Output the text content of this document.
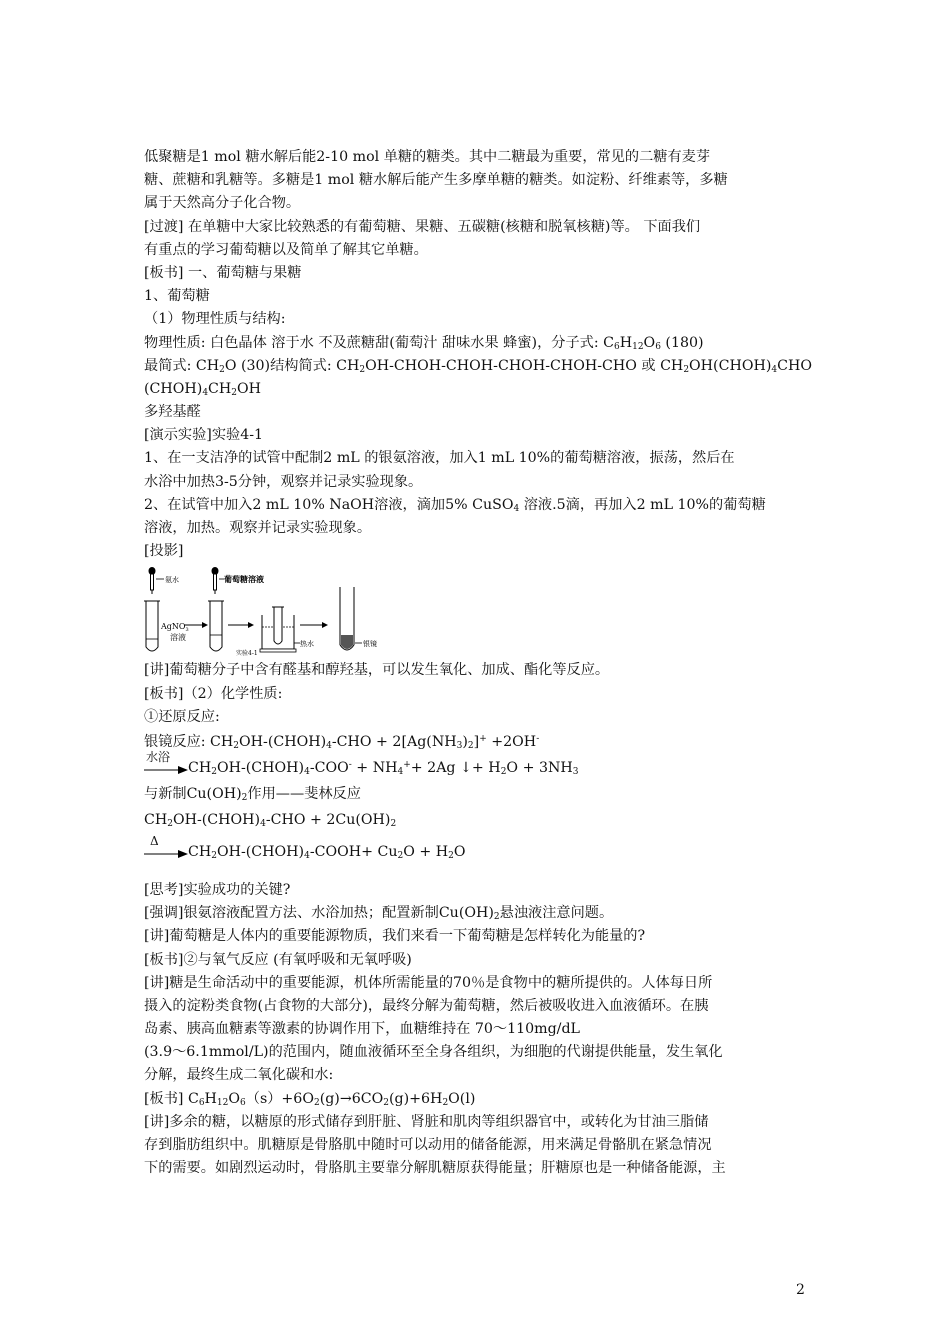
低聚糖是1 mol 糖水解后能2-10 mol 单糖的糖类。其中二糖最为重要，常见的二糖有麦芽
糖、蔗糖和乳糖等。多糖是1 mol 糖水解后能产生多摩单糖的糖类。如淀粉、纤维素等，多糖
属于天然高分子化合物。
[过渡] 在单糖中大家比较熟悉的有葡萄糖、果糖、五碳糖(核糖和脱氧核糖)等。 下面我们
有重点的学习葡萄糖以及简单了解其它单糖。
[板书] 一、葡萄糖与果糖
1、葡萄糖
（1）物理性质与结构:
物理性质: 白色晶体 溶于水 不及蔗糖甜(葡萄汁 甜味水果 蜂蜜)，分子式: $C_6H_{12}O_6$ (180)
最简式: $CH_2O$ (30)结构简式: $CH_2OH-CHOH-CHOH-CHOH-CHOH$-CHO 或 $CH_2OH(CHOH)_4CHO$
$(CHOH)_4CH_2OH$
多羟基醛
[演示实验]实验4-1
1、在一支洁净的试管中配制2 mL 的银氨溶液，加入1 mL 10%的葡萄糖溶液，振荡，然后在
水浴中加热3-5分钟，观察并记录实验现象。
2、在试管中加入2 mL 10% NaOH溶液，滴加5% CuSO$_4$ 溶液.5滴，再加入2 mL 10%的葡萄糖
溶液，加热。观察并记录实验现象。
[投影]
氨水
AgNO$_3$
溶液
葡萄糖溶液
热水
实验4-1
银镜
[讲]葡萄糖分子中含有醛基和醇羟基，可以发生氧化、加成、酯化等反应。
[板书]（2）化学性质:
①还原反应:
银镜反应: $CH_2OH-(CHOH)_4$-CHO + $2[Ag(NH_3)_2]^+ +2OH^-$
水浴
$CH_2OH-(CHOH)_4-COO^- + NH_4^++ 2Ag$ ↓+ $H_2O + 3NH_3$
与新制$Cu(OH)_2$作用——斐林反应
$CH_2OH-(CHOH)_4$-CHO + $2Cu(OH)_2$
Δ
$CH_2OH-(CHOH)_4-COOH+ Cu_2O + H_2O$
[思考]实验成功的关键?
[强调]银氨溶液配置方法、水浴加热；配置新制$Cu(OH)_2$悬浊液注意问题。
[讲]葡萄糖是人体内的重要能源物质，我们来看一下葡萄糖是怎样转化为能量的?
[板书]②与氧气反应 (有氧呼吸和无氧呼吸)
[讲]糖是生命活动中的重要能源，机体所需能量的70％是食物中的糖所提供的。人体每日所
摄入的淀粉类食物(占食物的大部分)，最终分解为葡萄糖，然后被吸收进入血液循环。在胰
岛素、胰高血糖素等激素的协调作用下，血糖维持在 70～110mg/dL
(3.9～6.1mmol/L)的范围内，随血液循环至全身各组织，为细胞的代谢提供能量，发生氧化
分解，最终生成二氧化碳和水:
[板书] $C_6H_{12}O_6(s)+6O_2(g)\to 6CO_2(g)+6H_2O(l)$
[讲]多余的糖，以糖原的形式储存到肝脏、肾脏和肌肉等组织器官中，或转化为甘油三脂储
存到脂肪组织中。肌糖原是骨胳肌中随时可以动用的储备能源，用来满足骨骼肌在紧急情况
下的需要。如剧烈运动时，骨胳肌主要靠分解肌糖原获得能量；肝糖原也是一种储备能源，主
2
